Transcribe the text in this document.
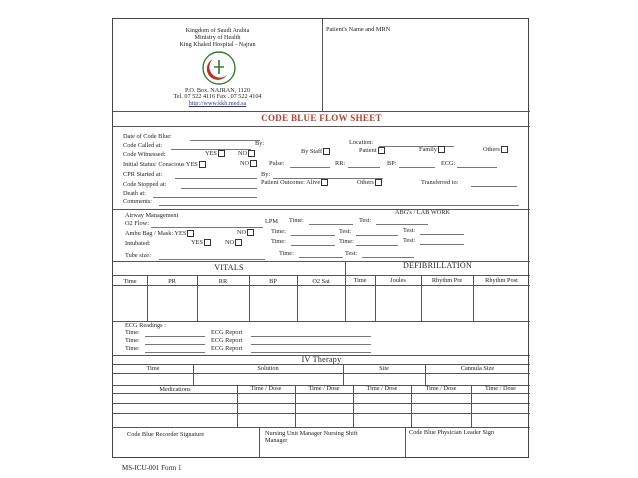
Kingdom of Saudi Arabia
Ministry of Health
King Khaled Hospital - Najran
P.O. Box. NAJRAN, 1120
Tel. 07 522 4116 Fax . 07 522 4104
http://www.kkh.med.sa
Patient's Name and MRN
CODE BLUE FLOW SHEET
Date of Code Blue:
By:	Location:
Code Called at:
Code Witnessed:	YES	NO	By Staff	Patient	Family	Others
Initial Status: Conscious YES	NO	Pulse:	RR:	BP:	ECG:
CPR Started at:	By:
Code Stopped at:	Patient Outcome: Alive	Others	Transferred to:
Death at:
Comments:
Airway Management	ABG's / LAB WORK
O2 Flow:	LPM Time:	Test:
Ambu Bag / Mask: YES	NO	Time:	Test:	Test:
Intubated:	YES	NO	Time:	Time:	Test:
Tube size:	Time:	Test:
VITALS	DEFIBRILLATION
Time	PR	RR	BP	O2 Sat	Time	Joules	Rhythm Pre	Rhythm Post
ECG Readings :
Time:	ECG Report
Time:	ECG Report
Time:	ECG Report
IV Therapy
Time	Solution	Site	Cannula Size
Medications	Time / Dose	Time / Dose	Time / Dose	Time / Dose	Time / Dose
Code Blue Recorder Signature	Nursing Unit Manager Nursing Shift
Manager
Code Blue Physician Leader Sign
MS-ICU-001 Form 1
